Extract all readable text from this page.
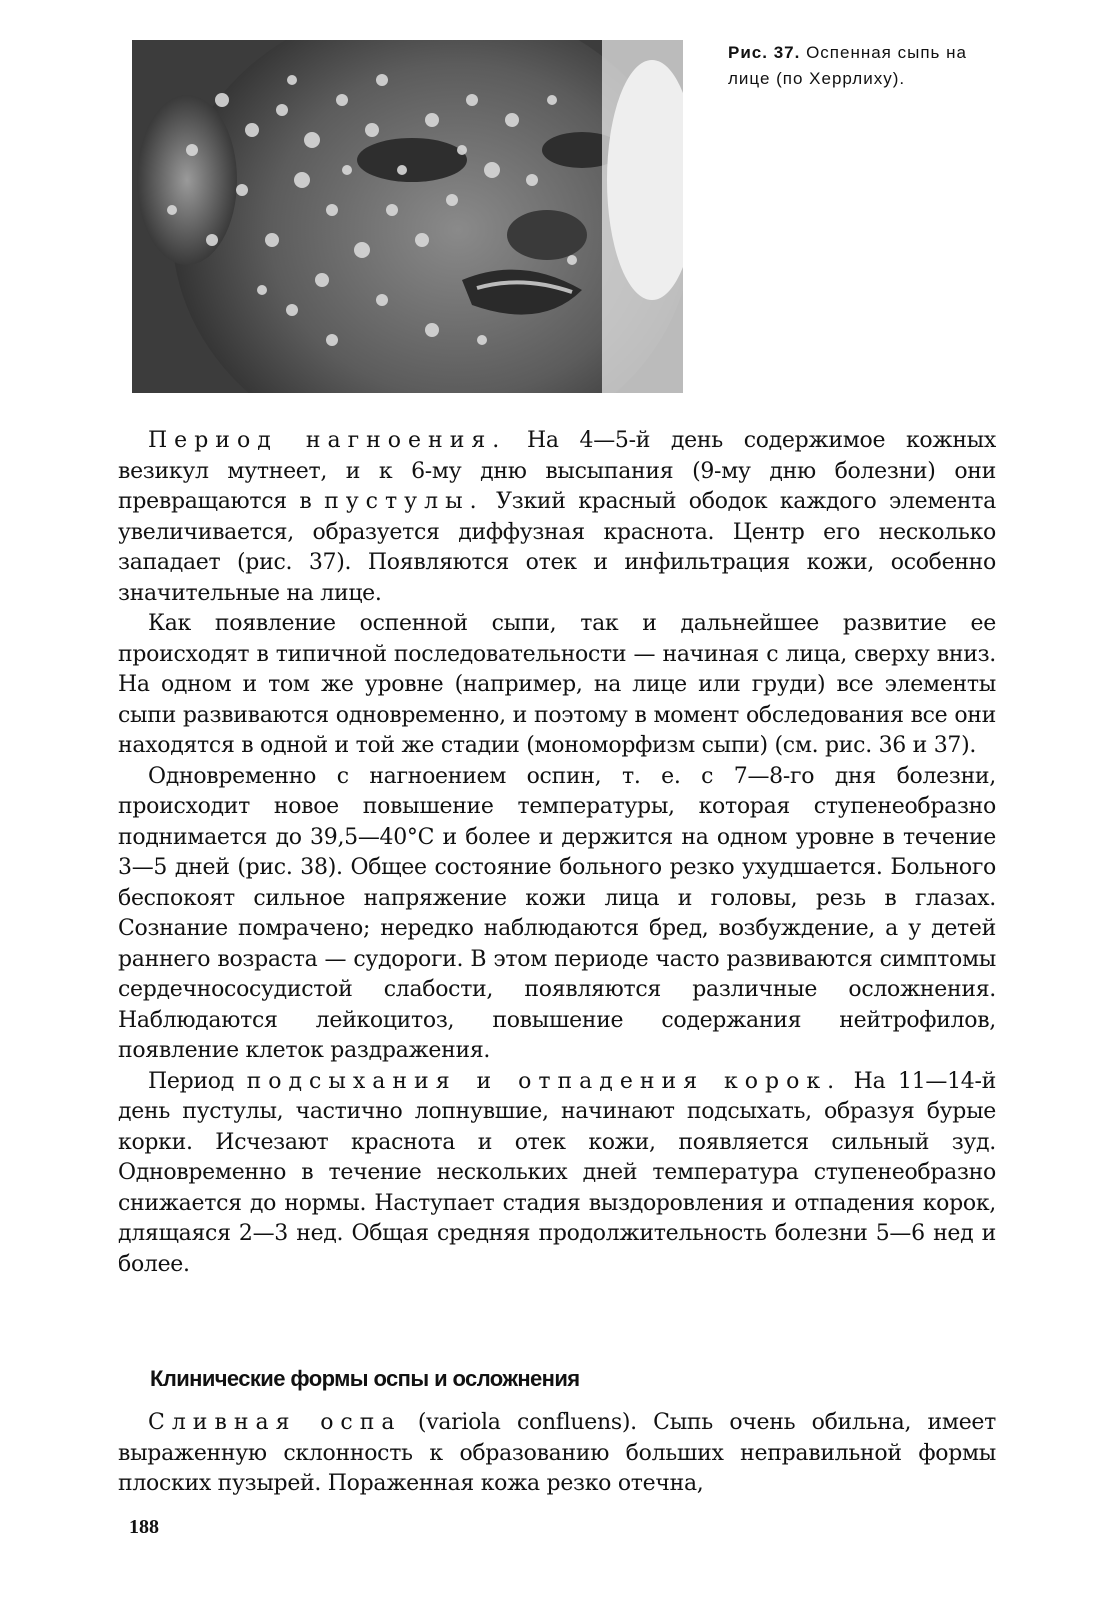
Рис. 37. Оспенная сыпь на лице (по Херрлиху).

Период нагноения. На 4—5-й день содержимое кожных везикул мутнеет, и к 6-му дню высыпания (9-му дню болезни) они превращаются в пустулы. Узкий красный ободок каждого элемента увеличивается, образуется диффузная краснота. Центр его несколько западает (рис. 37). Появляются отек и инфильтрация кожи, особенно значительные на лице.

Как появление оспенной сыпи, так и дальнейшее развитие ее происходят в типичной последовательности — начиная с лица, сверху вниз. На одном и том же уровне (например, на лице или груди) все элементы сыпи развиваются одновременно, и поэтому в момент обследования все они находятся в одной и той же стадии (мономорфизм сыпи) (см. рис. 36 и 37).

Одновременно с нагноением оспин, т. е. с 7—8-го дня болезни, происходит новое повышение температуры, которая ступенеобразно поднимается до 39,5—40°С и более и держится на одном уровне в течение 3—5 дней (рис. 38). Общее состояние больного резко ухудшается. Больного беспокоят сильное напряжение кожи лица и головы, резь в глазах. Сознание помрачено; нередко наблюдаются бред, возбуждение, а у детей раннего возраста — судороги. В этом периоде часто развиваются симптомы сердечнососудистой слабости, появляются различные осложнения. Наблюдаются лейкоцитоз, повышение содержания нейтрофилов, появление клеток раздражения.

Период подсыхания и отпадения корок. На 11—14-й день пустулы, частично лопнувшие, начинают подсыхать, образуя бурые корки. Исчезают краснота и отек кожи, появляется сильный зуд. Одновременно в течение нескольких дней температура ступенеобразно снижается до нормы. Наступает стадия выздоровления и отпадения корок, длящаяся 2—3 нед. Общая средняя продолжительность болезни 5—6 нед и более.

Клинические формы оспы и осложнения

Сливная оспа (variola confluens). Сыпь очень обильна, имеет выраженную склонность к образованию больших неправильной формы плоских пузырей. Пораженная кожа резко отечна,

188
